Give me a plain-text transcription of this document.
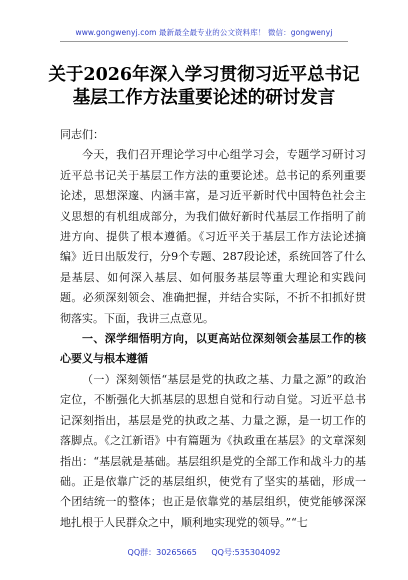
www.gongwenyj.com 最新最全最专业的公文资料库！ 微信：gongwenyj
关于2026年深入学习贯彻习近平总书记基层工作方法重要论述的研讨发言

同志们：

今天，我们召开理论学习中心组学习会，专题学习研讨习近平总书记关于基层工作方法的重要论述。总书记的系列重要论述，思想深邃、内涵丰富，是习近平新时代中国特色社会主义思想的有机组成部分，为我们做好新时代基层工作指明了前进方向、提供了根本遵循。《习近平关于基层工作方法论述摘编》近日出版发行，分9个专题、287段论述，系统回答了什么是基层、如何深入基层、如何服务基层等重大理论和实践问题。必须深刻领会、准确把握，并结合实际，不折不扣抓好贯彻落实。下面，我讲三点意见。

一、深学细悟明方向，以更高站位深刻领会基层工作的核心要义与根本遵循

（一）深刻领悟“基层是党的执政之基、力量之源”的政治定位，不断强化大抓基层的思想自觉和行动自觉。习近平总书记深刻指出，基层是党的执政之基、力量之源，是一切工作的落脚点。《之江新语》中有篇题为《执政重在基层》的文章深刻指出：“基层就是基础。基层组织是党的全部工作和战斗力的基础。正是依靠广泛的基层组织，使党有了坚实的基础，形成一个团结统一的整体；也正是依靠党的基层组织，使党能够深深地扎根于人民群众之中，顺利地实现党的领导。”“七

QQ群：30265665 QQ号:535304092
